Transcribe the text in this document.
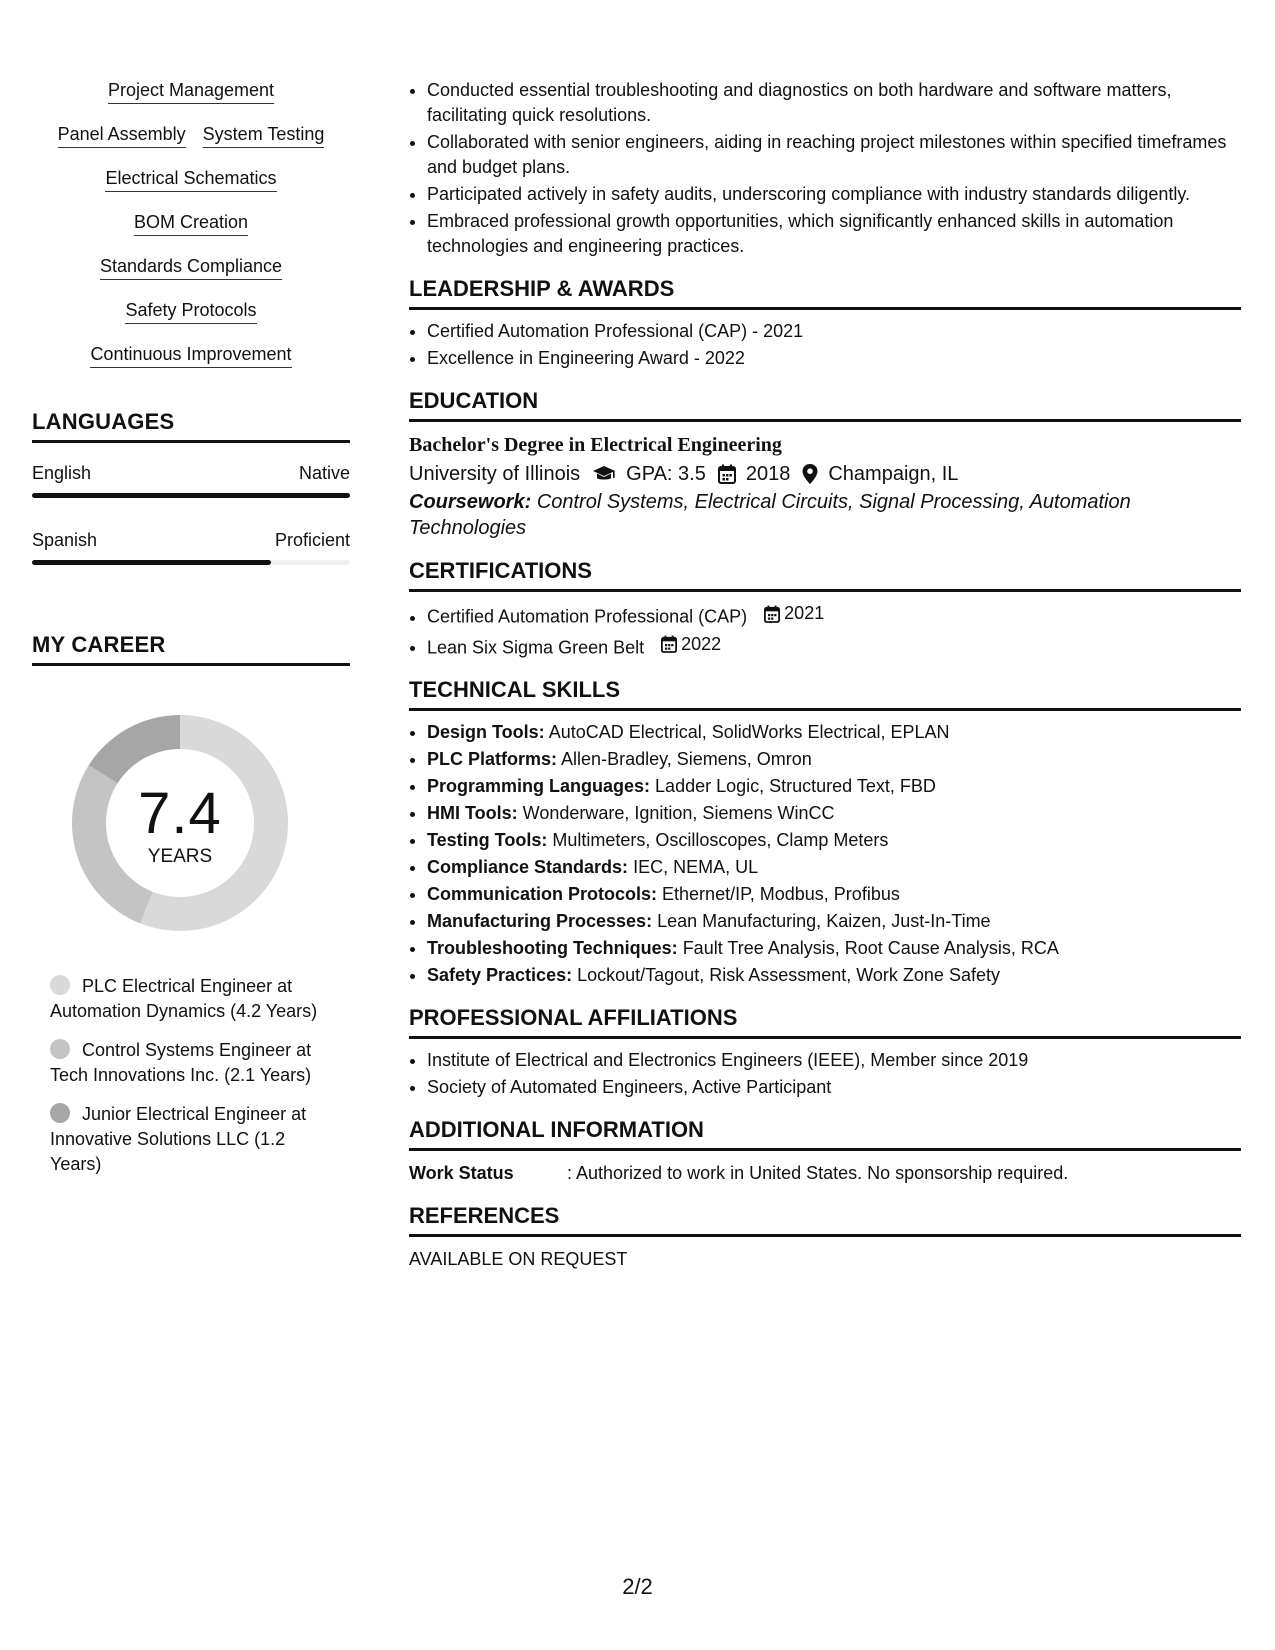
Project Management
Panel Assembly System Testing
Electrical Schematics
BOM Creation
Standards Compliance
Safety Protocols
Continuous Improvement
LANGUAGES
English	Native
Spanish	Proficient
MY CAREER
7.4
YEARS
PLC Electrical Engineer at Automation Dynamics (4.2 Years)
Control Systems Engineer at Tech Innovations Inc. (2.1 Years)
Junior Electrical Engineer at Innovative Solutions LLC (1.2 Years)
• Conducted essential troubleshooting and diagnostics on both hardware and software matters, facilitating quick resolutions.
• Collaborated with senior engineers, aiding in reaching project milestones within specified timeframes and budget plans.
• Participated actively in safety audits, underscoring compliance with industry standards diligently.
• Embraced professional growth opportunities, which significantly enhanced skills in automation technologies and engineering practices.
LEADERSHIP & AWARDS
• Certified Automation Professional (CAP) - 2021
• Excellence in Engineering Award - 2022
EDUCATION
Bachelor's Degree in Electrical Engineering
University of Illinois GPA: 3.5 2018 Champaign, IL
Coursework: Control Systems, Electrical Circuits, Signal Processing, Automation Technologies
CERTIFICATIONS
• Certified Automation Professional (CAP) 2021
• Lean Six Sigma Green Belt 2022
TECHNICAL SKILLS
• Design Tools: AutoCAD Electrical, SolidWorks Electrical, EPLAN
• PLC Platforms: Allen-Bradley, Siemens, Omron
• Programming Languages: Ladder Logic, Structured Text, FBD
• HMI Tools: Wonderware, Ignition, Siemens WinCC
• Testing Tools: Multimeters, Oscilloscopes, Clamp Meters
• Compliance Standards: IEC, NEMA, UL
• Communication Protocols: Ethernet/IP, Modbus, Profibus
• Manufacturing Processes: Lean Manufacturing, Kaizen, Just-In-Time
• Troubleshooting Techniques: Fault Tree Analysis, Root Cause Analysis, RCA
• Safety Practices: Lockout/Tagout, Risk Assessment, Work Zone Safety
PROFESSIONAL AFFILIATIONS
• Institute of Electrical and Electronics Engineers (IEEE), Member since 2019
• Society of Automated Engineers, Active Participant
ADDITIONAL INFORMATION
Work Status	: Authorized to work in United States. No sponsorship required.
REFERENCES
AVAILABLE ON REQUEST
2/2
